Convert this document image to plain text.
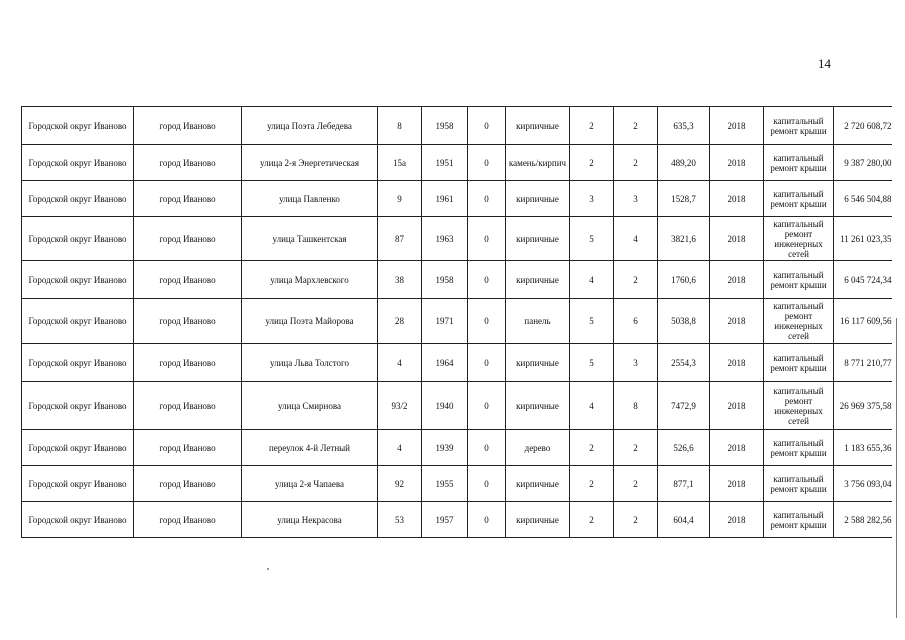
14
Городской округ Иваново	город Иваново	улица Поэта Лебедева	8	1958	0	кирпичные	2	2	635,3	2018	капитальный ремонт крыши	2 720 608,72
Городской округ Иваново	город Иваново	улица 2-я Энергетическая	15а	1951	0	камень/кирпич	2	2	489,20	2018	капитальный ремонт крыши	9 387 280,00
Городской округ Иваново	город Иваново	улица Павленко	9	1961	0	кирпичные	3	3	1528,7	2018	капитальный ремонт крыши	6 546 504,88
Городской округ Иваново	город Иваново	улица Ташкентская	87	1963	0	кирпичные	5	4	3821,6	2018	капитальный ремонт инженерных сетей	11 261 023,35
Городской округ Иваново	город Иваново	улица Мархлевского	38	1958	0	кирпичные	4	2	1760,6	2018	капитальный ремонт крыши	6 045 724,34
Городской округ Иваново	город Иваново	улица Поэта Майорова	28	1971	0	панель	5	6	5038,8	2018	капитальный ремонт инженерных сетей	16 117 609,56
Городской округ Иваново	город Иваново	улица Льва Толстого	4	1964	0	кирпичные	5	3	2554,3	2018	капитальный ремонт крыши	8 771 210,77
Городской округ Иваново	город Иваново	улица Смирнова	93/2	1940	0	кирпичные	4	8	7472,9	2018	капитальный ремонт инженерных сетей	26 969 375,58
Городской округ Иваново	город Иваново	переулок 4-й Летный	4	1939	0	дерево	2	2	526,6	2018	капитальный ремонт крыши	1 183 655,36
Городской округ Иваново	город Иваново	улица 2-я Чапаева	92	1955	0	кирпичные	2	2	877,1	2018	капитальный ремонт крыши	3 756 093,04
Городской округ Иваново	город Иваново	улица Некрасова	53	1957	0	кирпичные	2	2	604,4	2018	капитальный ремонт крыши	2 588 282,56
